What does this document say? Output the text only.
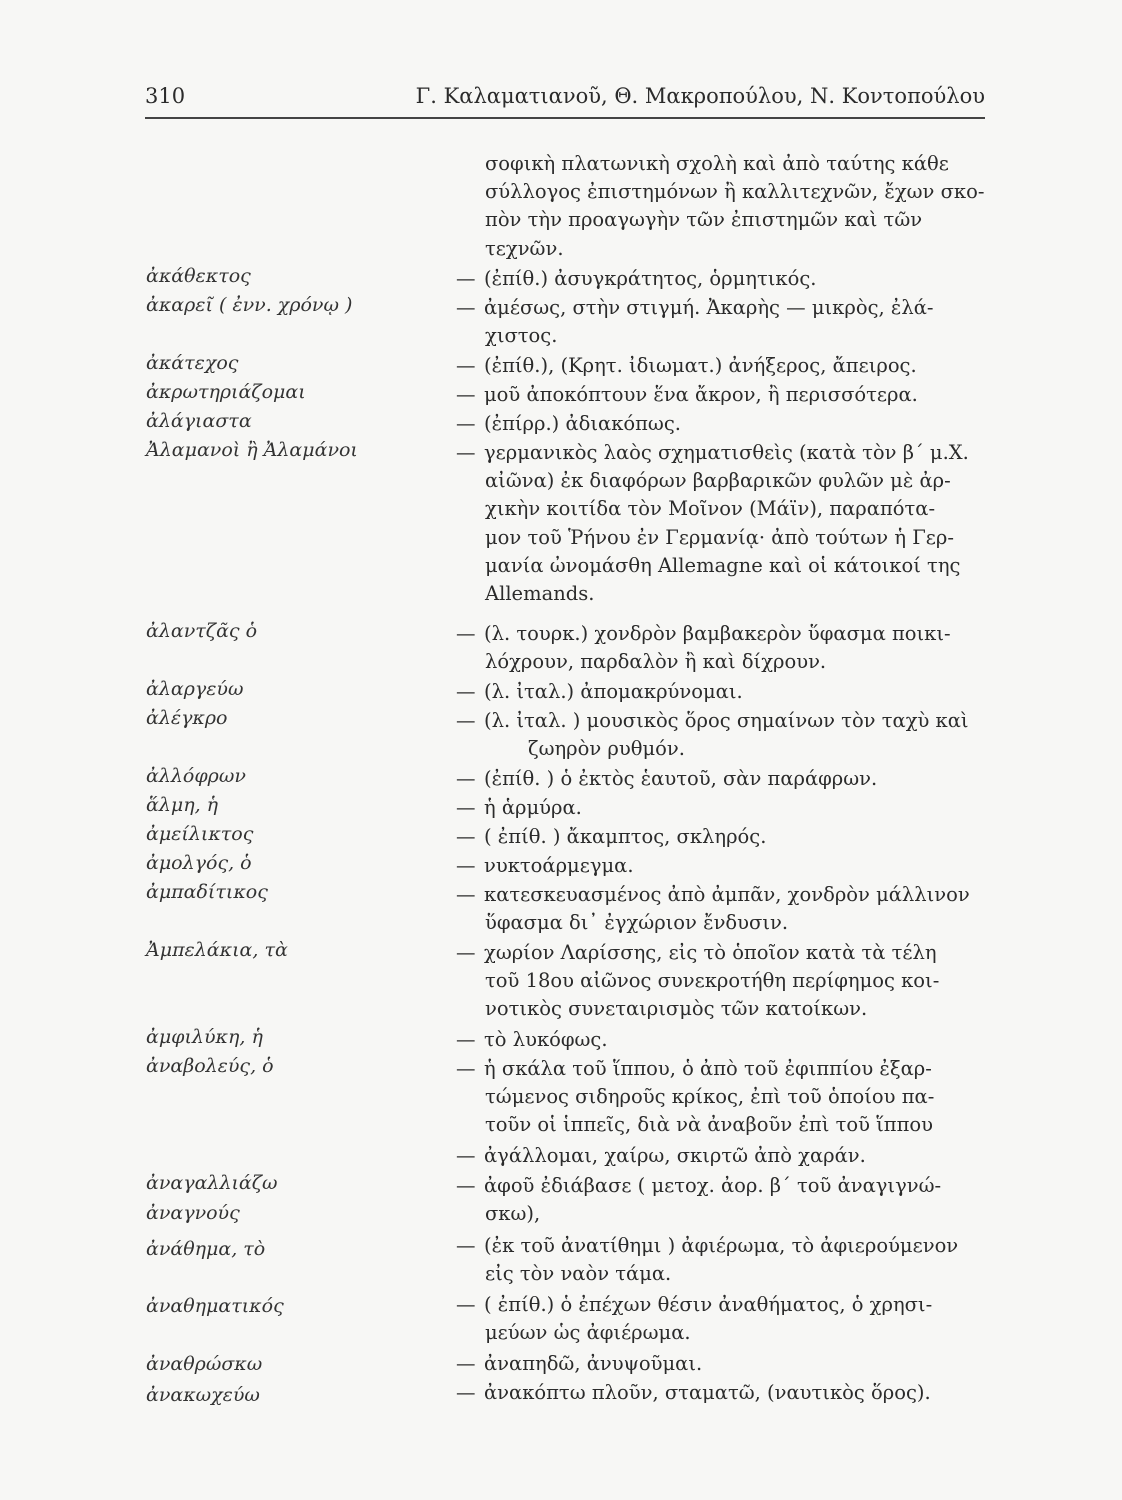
310	Γ. Καλαματιανοῦ, Θ. Μακροπούλου, Ν. Κοντοπούλου
σοφικὴ πλατωνικὴ σχολὴ καὶ ἀπὸ ταύτης κάθε
σύλλογος ἐπιστημόνων ἢ καλλιτεχνῶν, ἔχων σκο-
πὸν τὴν προαγωγὴν τῶν ἐπιστημῶν καὶ τῶν
τεχνῶν.
ἀκάθεκτος	— (ἐπίθ.) ἀσυγκράτητος, ὁρμητικός.
ἀκαρεῖ ( ἐνν. χρόνῳ )	— ἀμέσως, στὴν στιγμή. Ἀκαρὴς — μικρὸς, ἐλά-
χιστος.
ἀκάτεχος	— (ἐπίθ.), (Κρητ. ἰδιωματ.) ἀνήξερος, ἄπειρος.
ἀκρωτηριάζομαι	— μοῦ ἀποκόπτουν ἕνα ἄκρον, ἢ περισσότερα.
ἀλάγιαστα	— (ἐπίρρ.) ἀδιακόπως.
Ἀλαμανοὶ ἢ Ἀλαμάνοι	— γερμανικὸς λαὸς σχηματισθεὶς (κατὰ τὸν β΄ μ.Χ.
αἰῶνα) ἐκ διαφόρων βαρβαρικῶν φυλῶν μὲ ἀρ-
χικὴν κοιτίδα τὸν Μοῖνον (Μάϊν), παραπότα-
μον τοῦ Ῥήνου ἐν Γερμανίᾳ· ἀπὸ τούτων ἡ Γερ-
μανία ὠνομάσθη Allemagne καὶ οἱ κάτοικοί της
Allemands.
ἀλαντζᾶς ὁ	— (λ. τουρκ.) χονδρὸν βαμβακερὸν ὕφασμα ποικι-
λόχρουν, παρδαλὸν ἢ καὶ δίχρουν.
ἀλαργεύω	— (λ. ἰταλ.) ἀπομακρύνομαι.
ἀλέγκρο	— (λ. ἰταλ. ) μουσικὸς ὅρος σημαίνων τὸν ταχὺ καὶ
ζωηρὸν ρυθμόν.
ἀλλόφρων	— (ἐπίθ. ) ὁ ἐκτὸς ἑαυτοῦ, σὰν παράφρων.
ἅλμη, ἡ	— ἡ ἁρμύρα.
ἀμείλικτος	— ( ἐπίθ. ) ἄκαμπτος, σκληρός.
ἀμολγός, ὁ	— νυκτοάρμεγμα.
ἀμπαδίτικος	— κατεσκευασμένος ἀπὸ ἀμπᾶν, χονδρὸν μάλλινον
ὕφασμα δι᾿ ἐγχώριον ἔνδυσιν.
Ἀμπελάκια, τὰ	— χωρίον Λαρίσσης, εἰς τὸ ὁποῖον κατὰ τὰ τέλη
τοῦ 18ου αἰῶνος συνεκροτήθη περίφημος κοι-
νοτικὸς συνεταιρισμὸς τῶν κατοίκων.
ἀμφιλύκη, ἡ	— τὸ λυκόφως.
ἀναβολεύς, ὁ	— ἡ σκάλα τοῦ ἵππου, ὁ ἀπὸ τοῦ ἐφιππίου ἐξαρ-
τώμενος σιδηροῦς κρίκος, ἐπὶ τοῦ ὁποίου πα-
τοῦν οἱ ἱππεῖς, διὰ νὰ ἀναβοῦν ἐπὶ τοῦ ἵππου
ἀναγαλλιάζω
— ἀγάλλομαι, χαίρω, σκιρτῶ ἀπὸ χαράν.
ἀναγνούς
— ἀφοῦ ἐδιάβασε ( μετοχ. ἀορ. β΄ τοῦ ἀναγιγνώ-
σκω),
ἀνάθημα, τὸ	— (ἐκ τοῦ ἀνατίθημι ) ἀφιέρωμα, τὸ ἀφιερούμενον
εἰς τὸν ναὸν τάμα.
ἀναθηματικός	— ( ἐπίθ.) ὁ ἐπέχων θέσιν ἀναθήματος, ὁ χρησι-
μεύων ὡς ἀφιέρωμα.
ἀναθρώσκω	— ἀναπηδῶ, ἀνυψοῦμαι.
ἀνακωχεύω	— ἀνακόπτω πλοῦν, σταματῶ, (ναυτικὸς ὅρος).
